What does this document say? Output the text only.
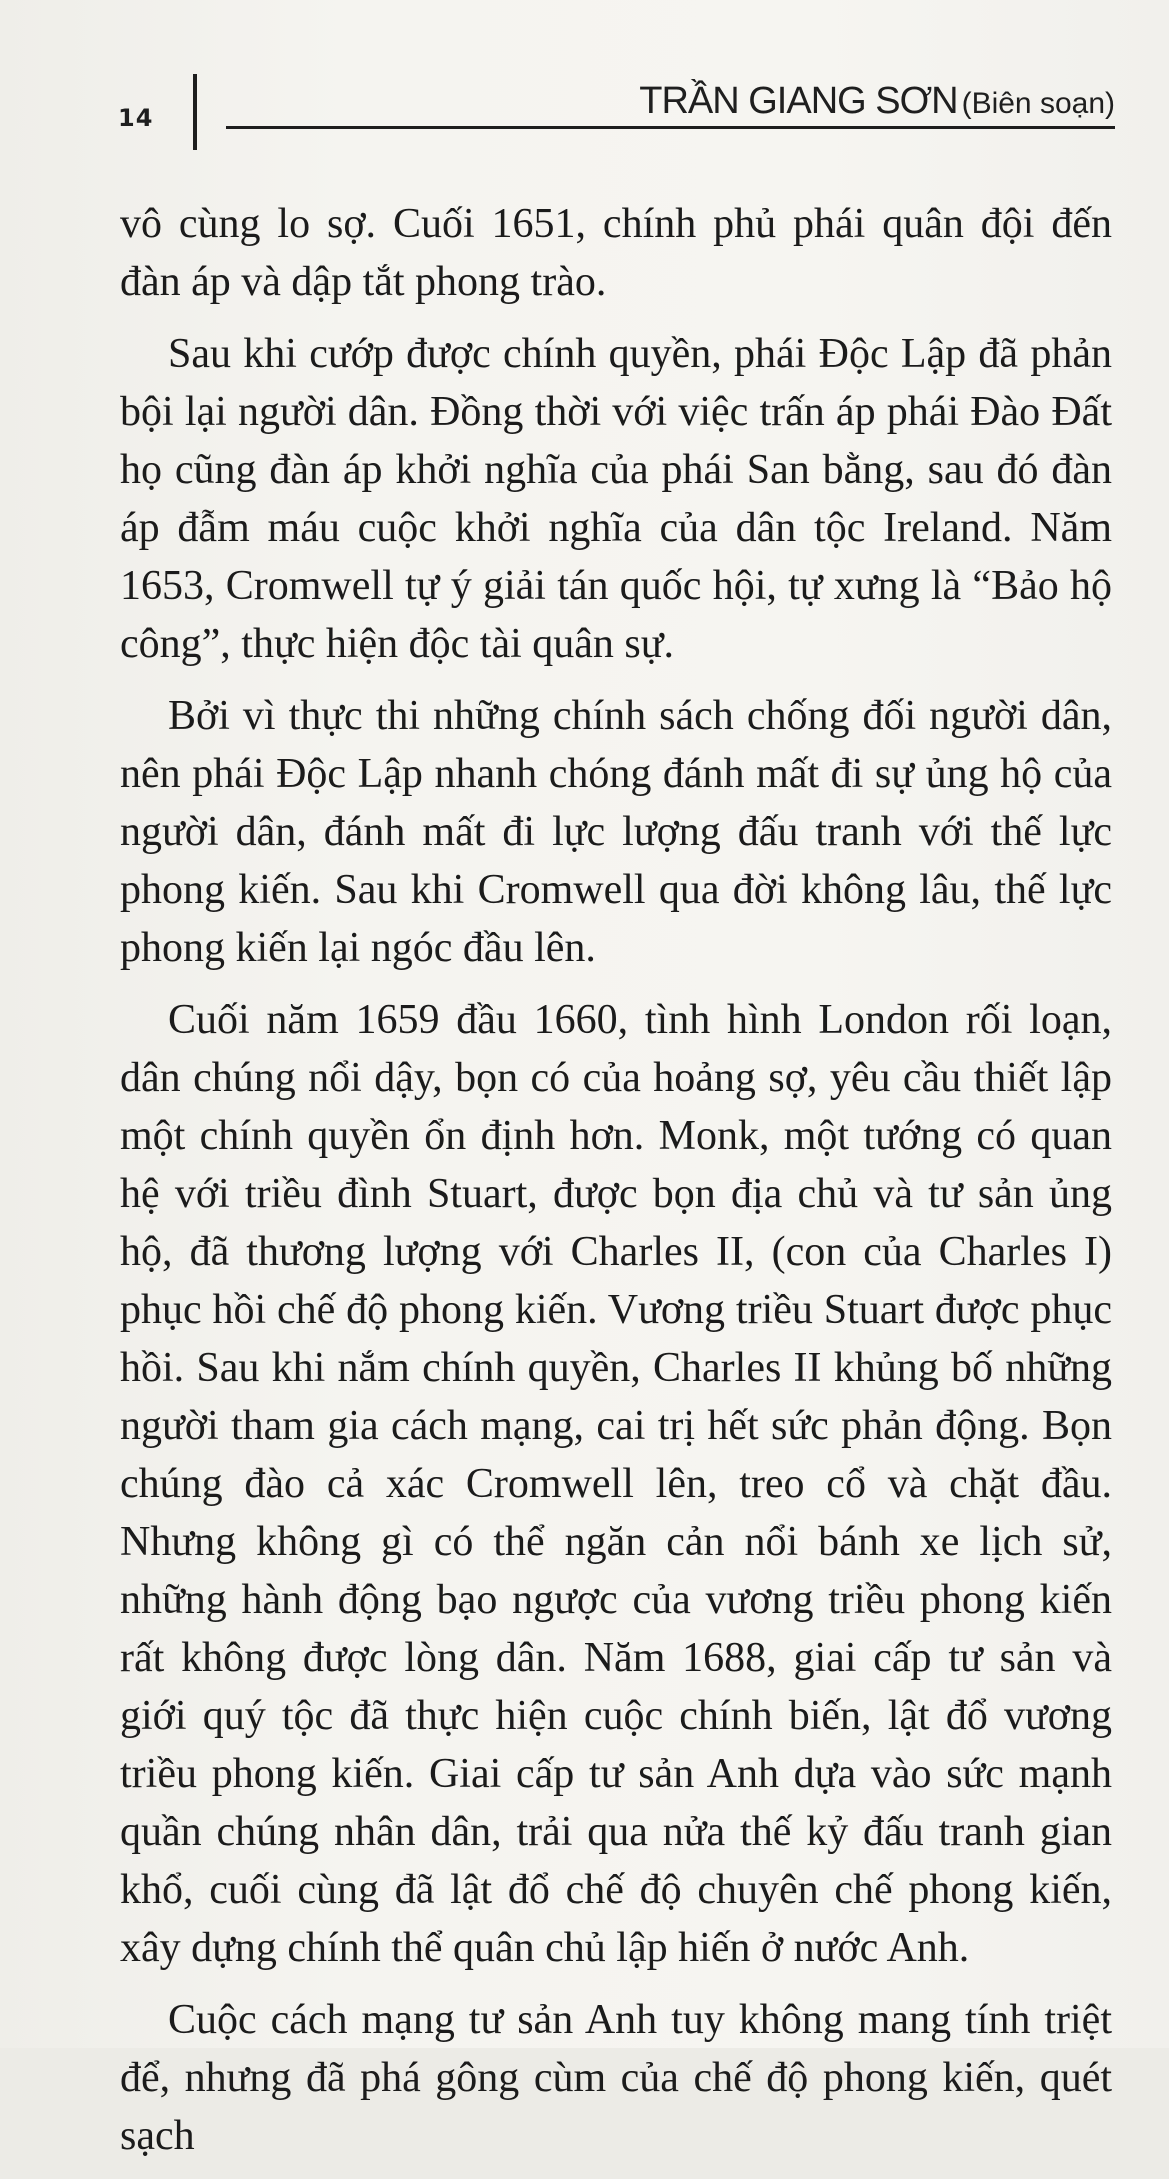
14	TRẦN GIANG SƠN (Biên soạn)

vô cùng lo sợ. Cuối 1651, chính phủ phái quân đội đến đàn áp và dập tắt phong trào.

Sau khi cướp được chính quyền, phái Độc Lập đã phản bội lại người dân. Đồng thời với việc trấn áp phái Đào Đất họ cũng đàn áp khởi nghĩa của phái San bằng, sau đó đàn áp đẫm máu cuộc khởi nghĩa của dân tộc Ireland. Năm 1653, Cromwell tự ý giải tán quốc hội, tự xưng là “Bảo hộ công”, thực hiện độc tài quân sự.

Bởi vì thực thi những chính sách chống đối người dân, nên phái Độc Lập nhanh chóng đánh mất đi sự ủng hộ của người dân, đánh mất đi lực lượng đấu tranh với thế lực phong kiến. Sau khi Cromwell qua đời không lâu, thế lực phong kiến lại ngóc đầu lên.

Cuối năm 1659 đầu 1660, tình hình London rối loạn, dân chúng nổi dậy, bọn có của hoảng sợ, yêu cầu thiết lập một chính quyền ổn định hơn. Monk, một tướng có quan hệ với triều đình Stuart, được bọn địa chủ và tư sản ủng hộ, đã thương lượng với Charles II, (con của Charles I) phục hồi chế độ phong kiến. Vương triều Stuart được phục hồi. Sau khi nắm chính quyền, Charles II khủng bố những người tham gia cách mạng, cai trị hết sức phản động. Bọn chúng đào cả xác Cromwell lên, treo cổ và chặt đầu. Nhưng không gì có thể ngăn cản nổi bánh xe lịch sử, những hành động bạo ngược của vương triều phong kiến rất không được lòng dân. Năm 1688, giai cấp tư sản và giới quý tộc đã thực hiện cuộc chính biến, lật đổ vương triều phong kiến. Giai cấp tư sản Anh dựa vào sức mạnh quần chúng nhân dân, trải qua nửa thế kỷ đấu tranh gian khổ, cuối cùng đã lật đổ chế độ chuyên chế phong kiến, xây dựng chính thể quân chủ lập hiến ở nước Anh.

Cuộc cách mạng tư sản Anh tuy không mang tính triệt để, nhưng đã phá gông cùm của chế độ phong kiến, quét sạch
